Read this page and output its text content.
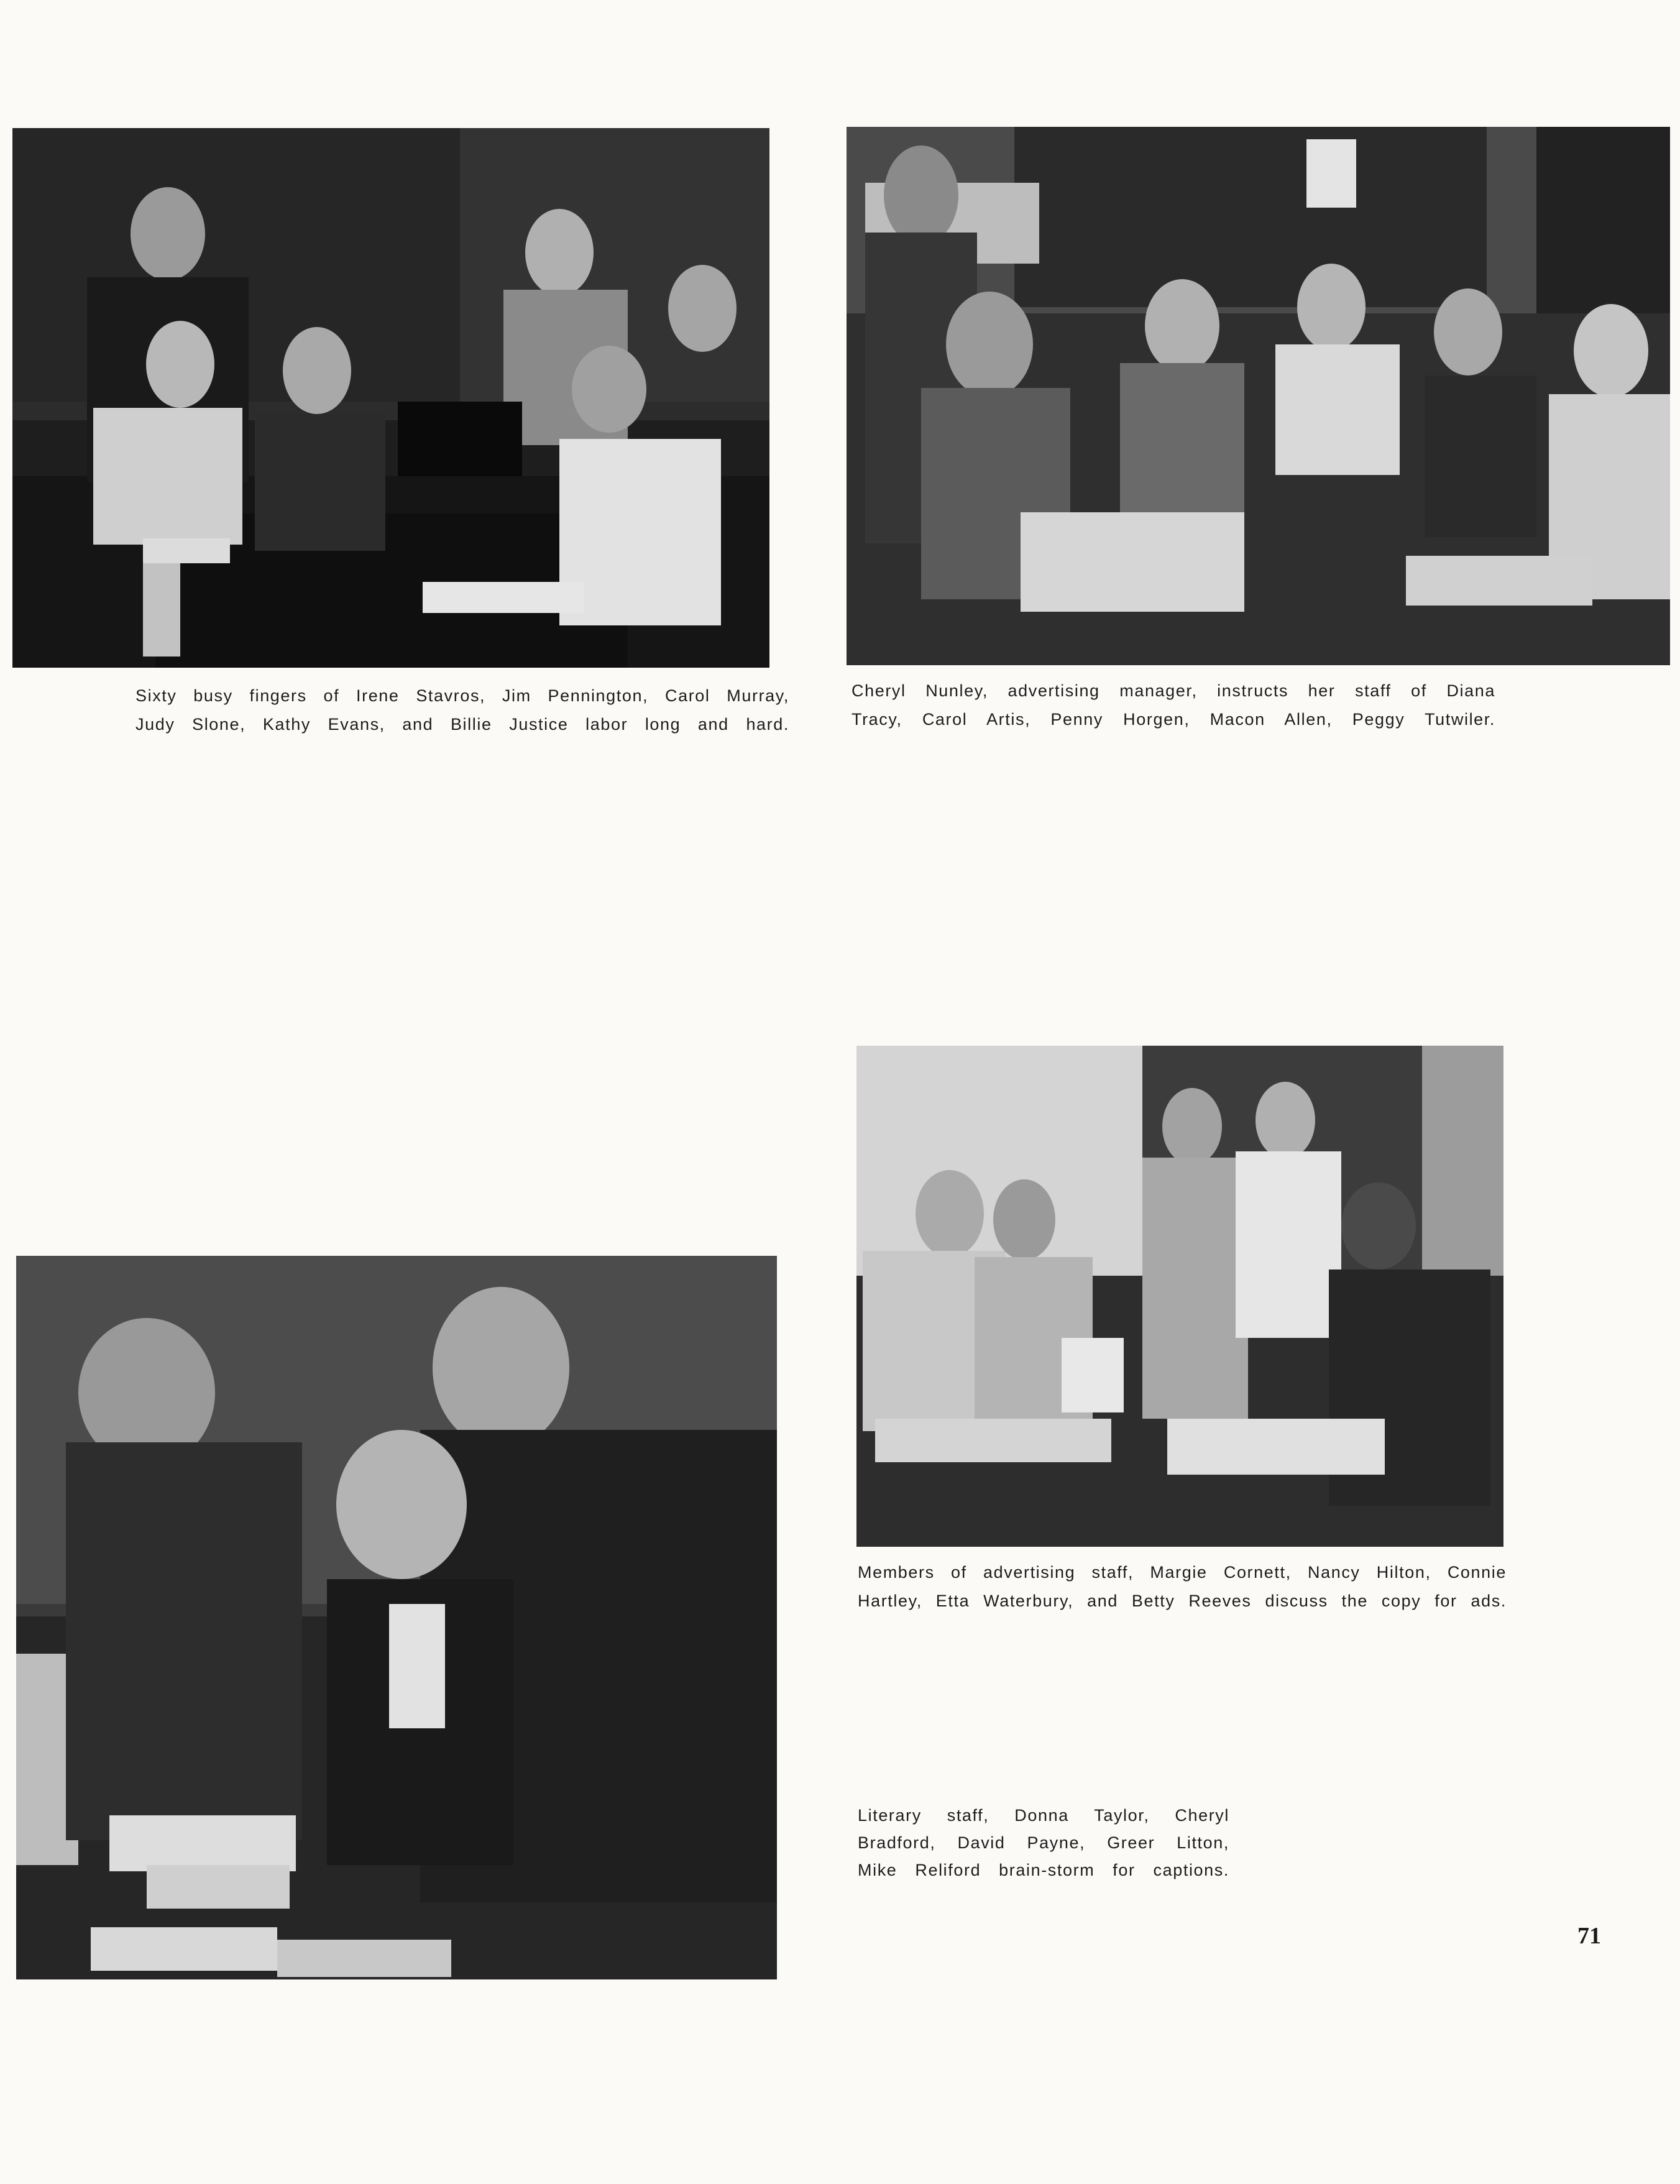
Sixty busy fingers of Irene Stavros, Jim Pennington, Carol Murray,
Judy Slone, Kathy Evans, and Billie Justice labor long and hard.
Cheryl Nunley, advertising manager, instructs her staff of Diana
Tracy, Carol Artis, Penny Horgen, Macon Allen, Peggy Tutwiler.
Members of advertising staff, Margie Cornett, Nancy Hilton, Connie
Hartley, Etta Waterbury, and Betty Reeves discuss the copy for ads.
Literary staff, Donna Taylor, Cheryl
Bradford, David Payne, Greer Litton,
Mike Reliford brain-storm for captions.
71
